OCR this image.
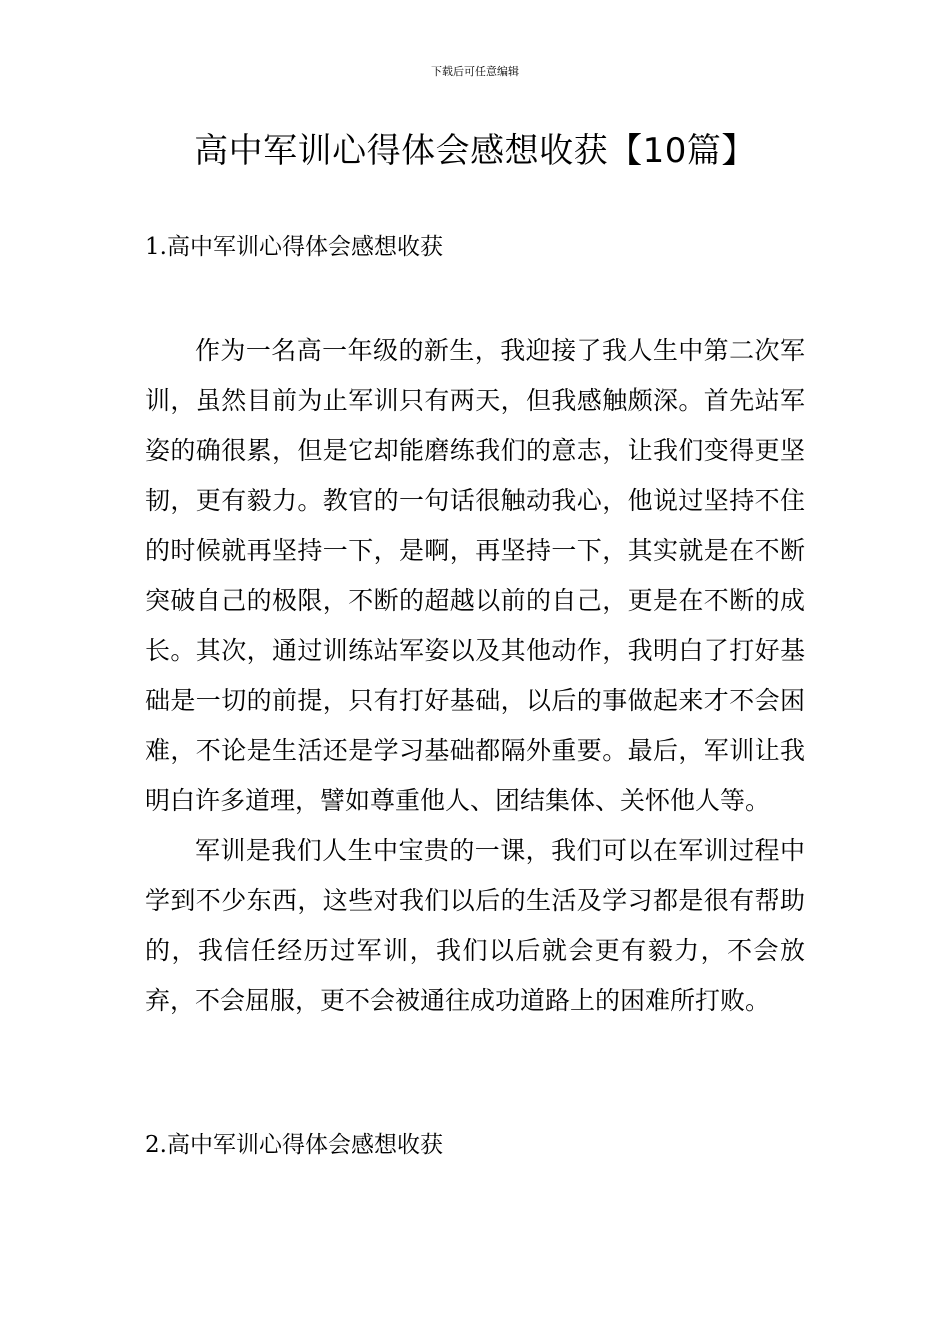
下载后可任意编辑
高中军训心得体会感想收获【10篇】
1.高中军训心得体会感想收获

作为一名高一年级的新生，我迎接了我人生中第二次军训，虽然目前为止军训只有两天，但我感触颇深。首先站军姿的确很累，但是它却能磨练我们的意志，让我们变得更坚韧，更有毅力。教官的一句话很触动我心，他说过坚持不住的时候就再坚持一下，是啊，再坚持一下，其实就是在不断突破自己的极限，不断的超越以前的自己，更是在不断的成长。其次，通过训练站军姿以及其他动作，我明白了打好基础是一切的前提，只有打好基础，以后的事做起来才不会困难，不论是生活还是学习基础都隔外重要。最后，军训让我明白许多道理，譬如尊重他人、团结集体、关怀他人等。

军训是我们人生中宝贵的一课，我们可以在军训过程中学到不少东西，这些对我们以后的生活及学习都是很有帮助的，我信任经历过军训，我们以后就会更有毅力，不会放弃，不会屈服，更不会被通往成功道路上的困难所打败。

2.高中军训心得体会感想收获
